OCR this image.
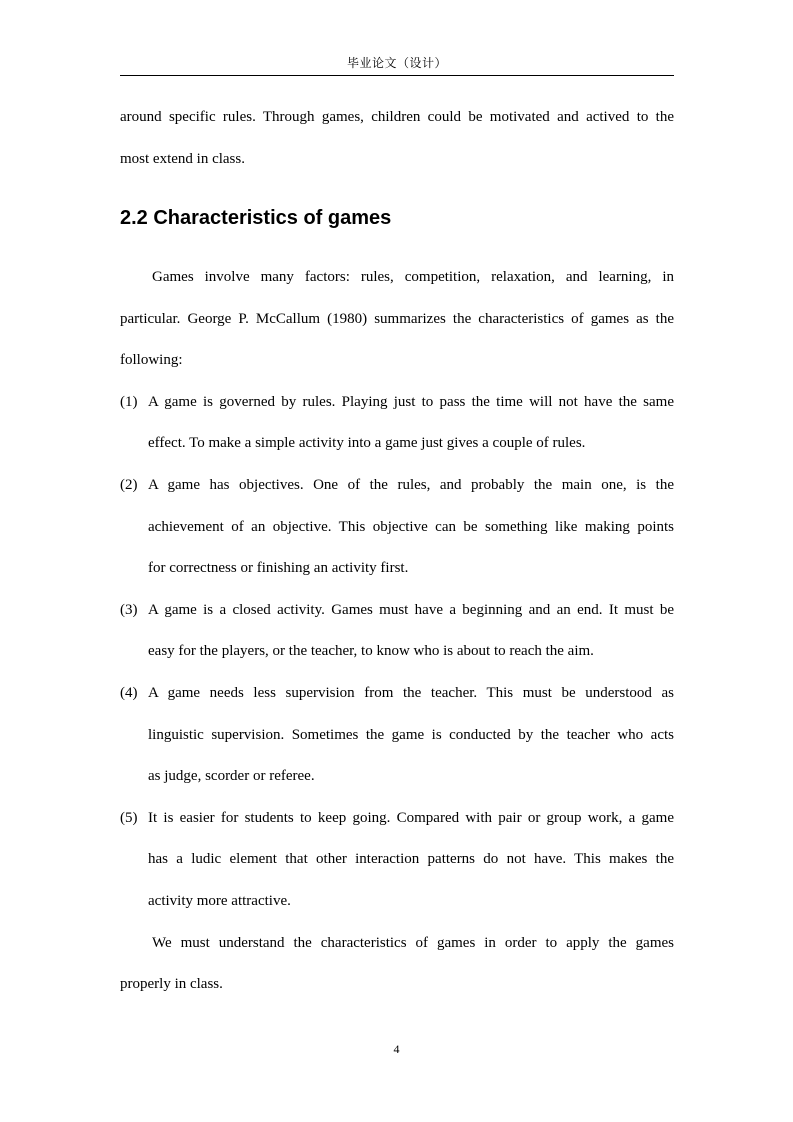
毕业论文（设计）
around specific rules. Through games, children could be motivated and actived to the
most extend in class.
2.2 Characteristics of games
Games involve many factors: rules, competition, relaxation, and learning, in
particular. George P. McCallum (1980) summarizes the characteristics of games as the
following:
(1) A game is governed by rules. Playing just to pass the time will not have the same
effect. To make a simple activity into a game just gives a couple of rules.
(2) A game has objectives. One of the rules, and probably the main one, is the
achievement of an objective. This objective can be something like making points
for correctness or finishing an activity first.
(3) A game is a closed activity. Games must have a beginning and an end. It must be
easy for the players, or the teacher, to know who is about to reach the aim.
(4) A game needs less supervision from the teacher. This must be understood as
linguistic supervision. Sometimes the game is conducted by the teacher who acts
as judge, scorder or referee.
(5) It is easier for students to keep going. Compared with pair or group work, a game
has a ludic element that other interaction patterns do not have. This makes the
activity more attractive.
We must understand the characteristics of games in order to apply the games
properly in class.
4
